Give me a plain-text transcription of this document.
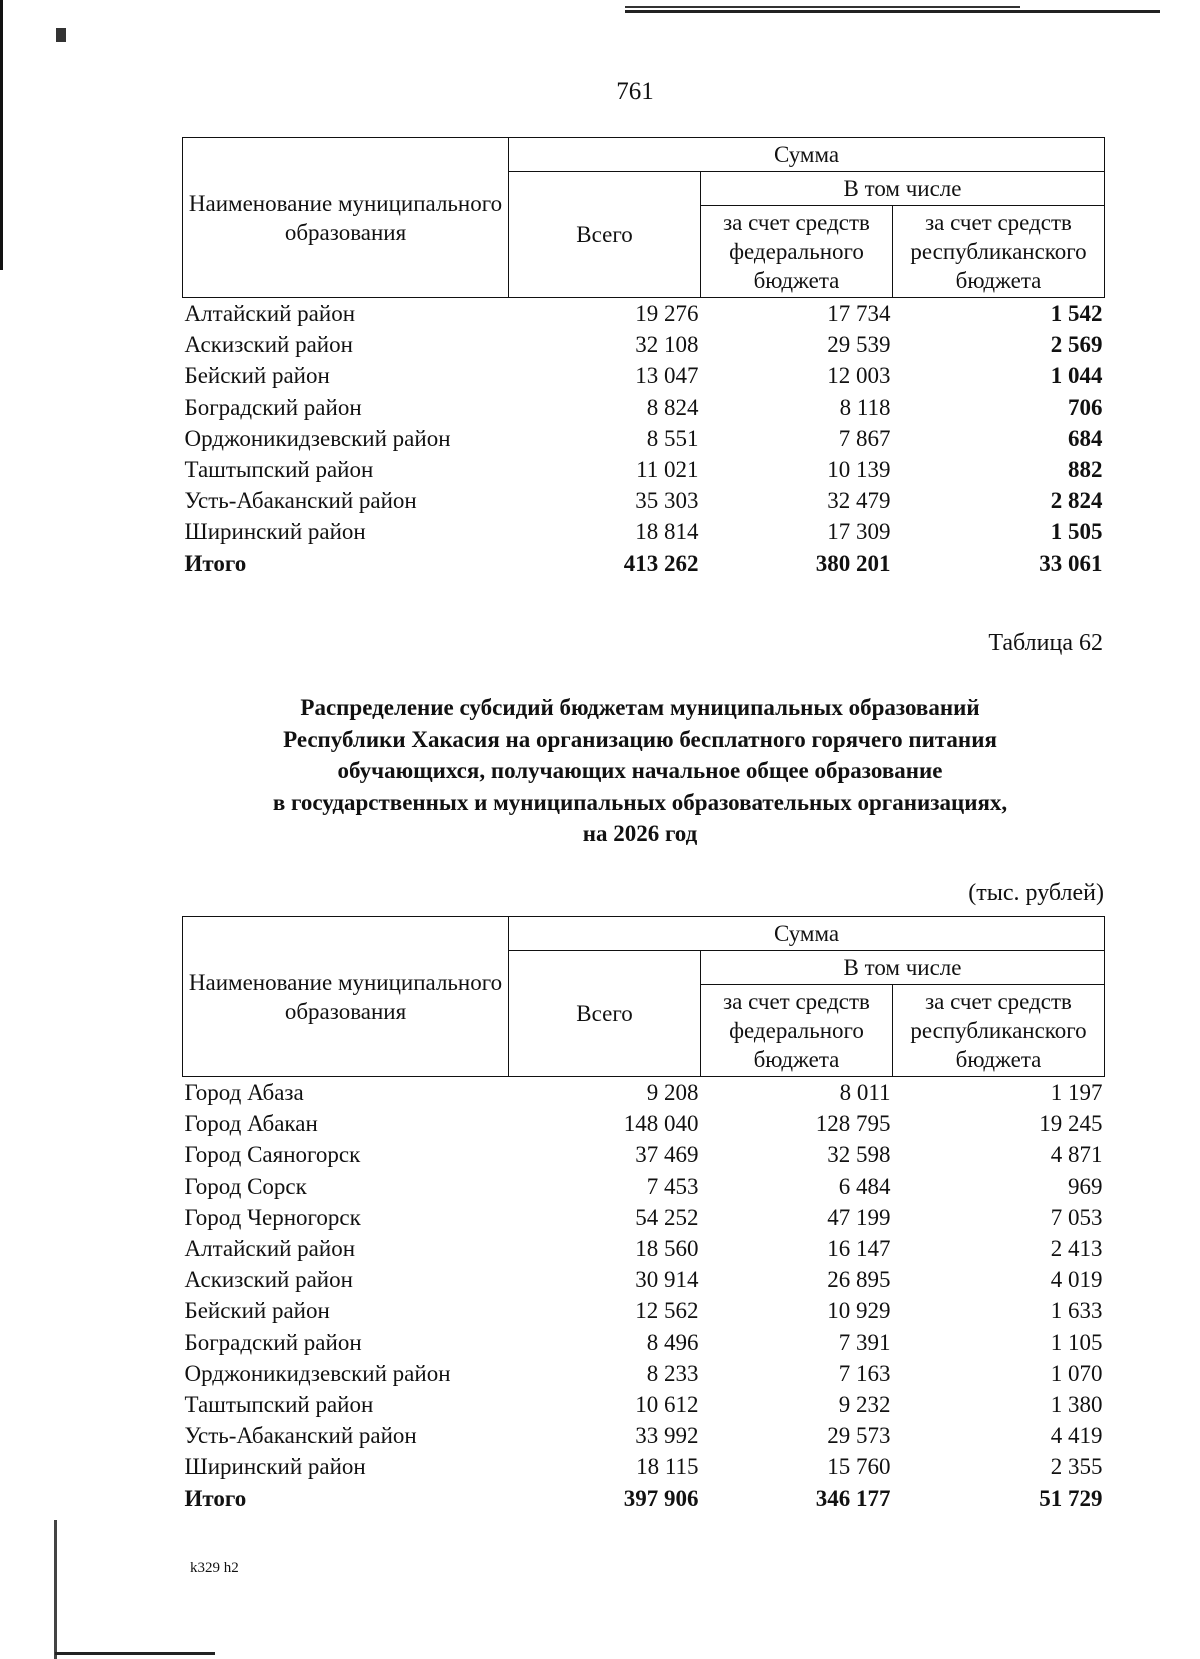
761
Наименование муниципального образования	Сумма		
	Всего	В том числе	
		за счет средств федерального бюджета	за счет средств республиканского бюджета
Алтайский район	19 276	17 734	1 542
Аскизский район	32 108	29 539	2 569
Бейский район	13 047	12 003	1 044
Боградский район	8 824	8 118	706
Орджоникидзевский район	8 551	7 867	684
Таштыпский район	11 021	10 139	882
Усть-Абаканский район	35 303	32 479	2 824
Ширинский район	18 814	17 309	1 505
Итого	413 262	380 201	33 061
Таблица 62
Распределение субсидий бюджетам муниципальных образований
Республики Хакасия на организацию бесплатного горячего питания
обучающихся, получающих начальное общее образование
в государственных и муниципальных образовательных организациях,
на 2026 год
(тыс. рублей)
Наименование муниципального образования	Сумма		
	Всего	В том числе	
		за счет средств федерального бюджета	за счет средств республиканского бюджета
Город Абаза	9 208	8 011	1 197
Город Абакан	148 040	128 795	19 245
Город Саяногорск	37 469	32 598	4 871
Город Сорск	7 453	6 484	969
Город Черногорск	54 252	47 199	7 053
Алтайский район	18 560	16 147	2 413
Аскизский район	30 914	26 895	4 019
Бейский район	12 562	10 929	1 633
Боградский район	8 496	7 391	1 105
Орджоникидзевский район	8 233	7 163	1 070
Таштыпский район	10 612	9 232	1 380
Усть-Абаканский район	33 992	29 573	4 419
Ширинский район	18 115	15 760	2 355
Итого	397 906	346 177	51 729
k329 h2
